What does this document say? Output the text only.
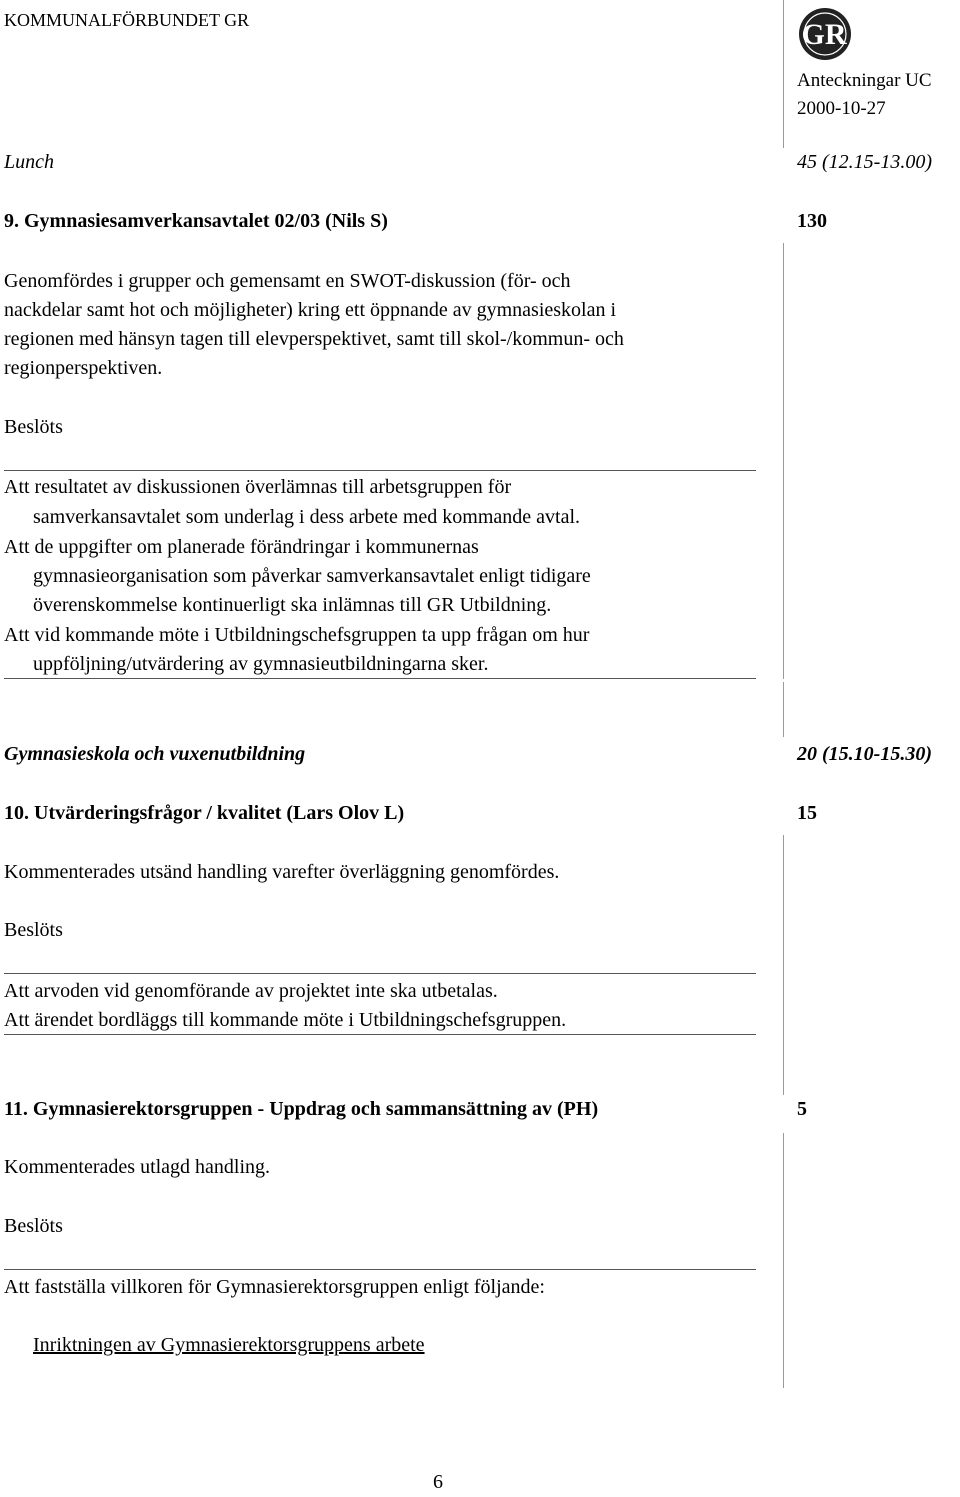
KOMMUNALFÖRBUNDET GR	GR
Anteckningar UC
2000-10-27
Lunch	45 (12.15-13.00)
9. Gymnasiesamverkansavtalet 02/03 (Nils S)	130
Genomfördes i grupper och gemensamt en SWOT-diskussion (för- och
nackdelar samt hot och möjligheter) kring ett öppnande av gymnasieskolan i
regionen med hänsyn tagen till elevperspektivet, samt till skol-/kommun- och
regionperspektiven.
Beslöts
Att resultatet av diskussionen överlämnas till arbetsgruppen för
samverkansavtalet som underlag i dess arbete med kommande avtal.
Att de uppgifter om planerade förändringar i kommunernas
gymnasieorganisation som påverkar samverkansavtalet enligt tidigare
överenskommelse kontinuerligt ska inlämnas till GR Utbildning.
Att vid kommande möte i Utbildningschefsgruppen ta upp frågan om hur
uppföljning/utvärdering av gymnasieutbildningarna sker.
Gymnasieskola och vuxenutbildning	20 (15.10-15.30)
10. Utvärderingsfrågor / kvalitet (Lars Olov L)	15
Kommenterades utsänd handling varefter överläggning genomfördes.
Beslöts
Att arvoden vid genomförande av projektet inte ska utbetalas.
Att ärendet bordläggs till kommande möte i Utbildningschefsgruppen.
11. Gymnasierektorsgruppen - Uppdrag och sammansättning av (PH)	5
Kommenterades utlagd handling.
Beslöts
Att fastställa villkoren för Gymnasierektorsgruppen enligt följande:
Inriktningen av Gymnasierektorsgruppens arbete
6
